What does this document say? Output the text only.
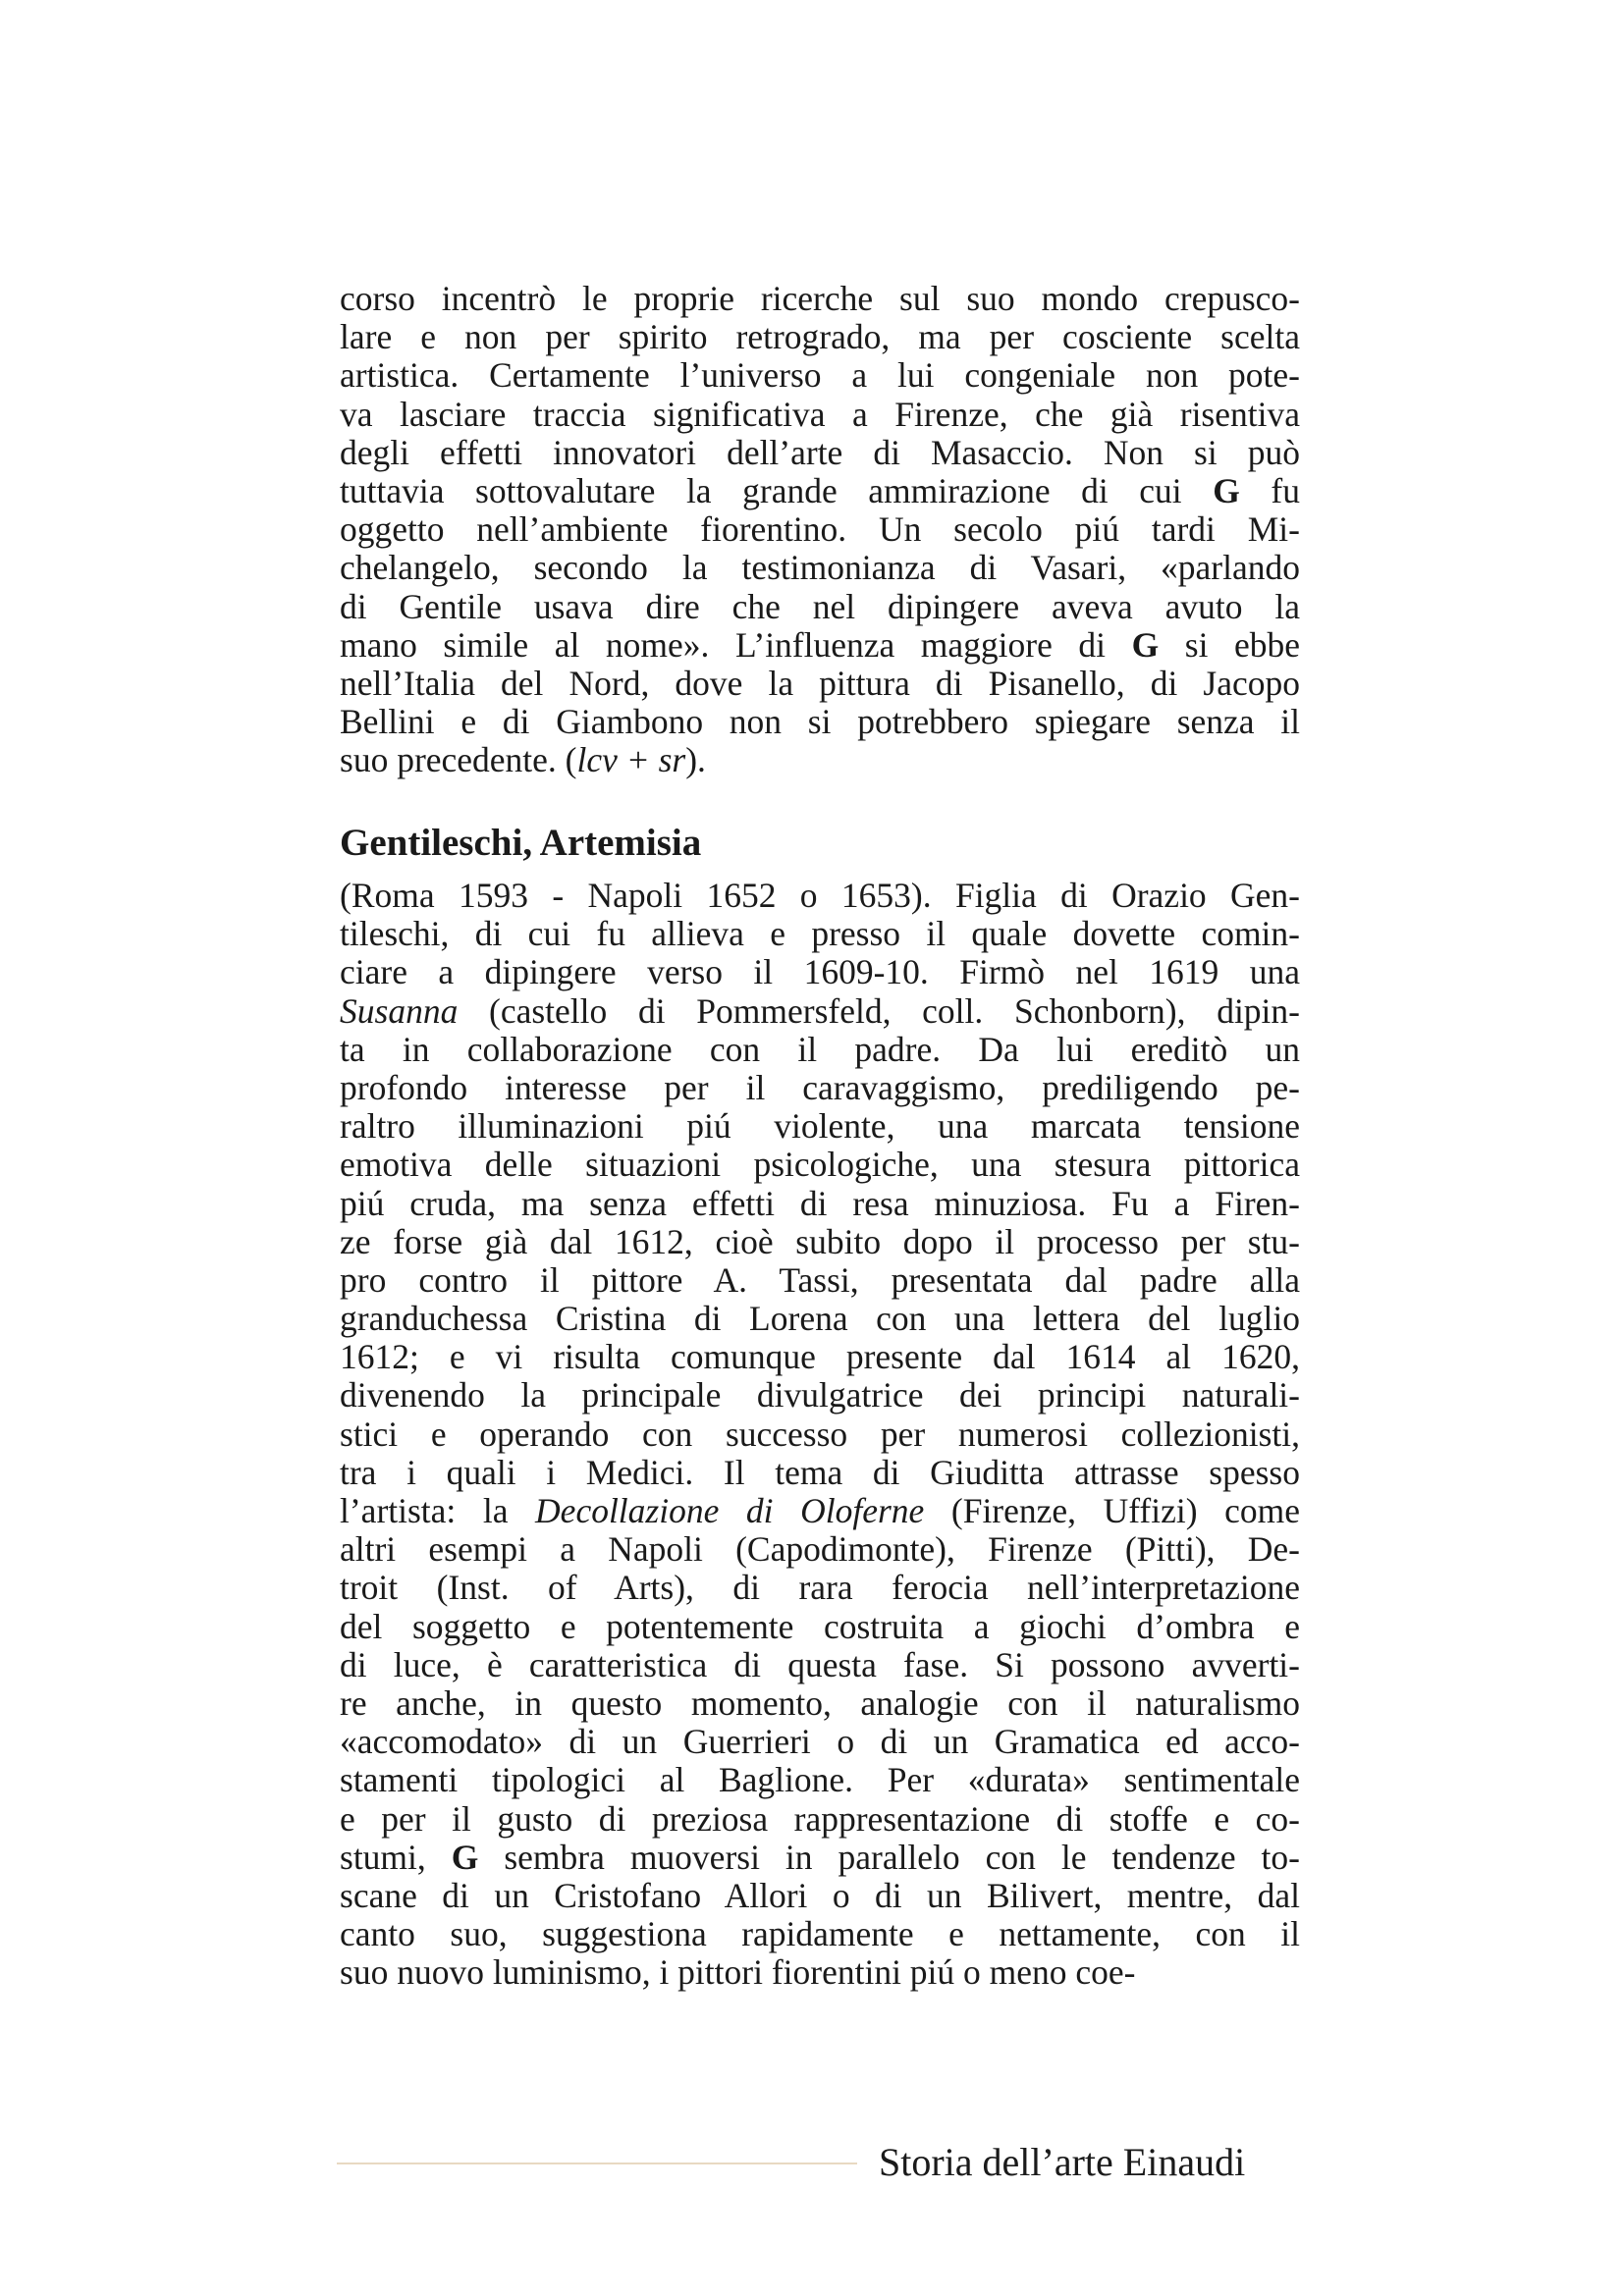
corso incentrò le proprie ricerche sul suo mondo crepusco-
lare e non per spirito retrogrado, ma per cosciente scelta
artistica. Certamente l’universo a lui congeniale non pote-
va lasciare traccia significativa a Firenze, che già risentiva
degli effetti innovatori dell’arte di Masaccio. Non si può
tuttavia sottovalutare la grande ammirazione di cui G fu
oggetto nell’ambiente fiorentino. Un secolo piú tardi Mi-
chelangelo, secondo la testimonianza di Vasari, «parlando
di Gentile usava dire che nel dipingere aveva avuto la
mano simile al nome». L’influenza maggiore di G si ebbe
nell’Italia del Nord, dove la pittura di Pisanello, di Jacopo
Bellini e di Giambono non si potrebbero spiegare senza il
suo precedente. (lcv + sr).
Gentileschi, Artemisia
(Roma 1593 - Napoli 1652 o 1653). Figlia di Orazio Gen-
tileschi, di cui fu allieva e presso il quale dovette comin-
ciare a dipingere verso il 1609-10. Firmò nel 1619 una
Susanna (castello di Pommersfeld, coll. Schonborn), dipin-
ta in collaborazione con il padre. Da lui ereditò un
profondo interesse per il caravaggismo, prediligendo pe-
raltro illuminazioni piú violente, una marcata tensione
emotiva delle situazioni psicologiche, una stesura pittorica
piú cruda, ma senza effetti di resa minuziosa. Fu a Firen-
ze forse già dal 1612, cioè subito dopo il processo per stu-
pro contro il pittore A. Tassi, presentata dal padre alla
granduchessa Cristina di Lorena con una lettera del luglio
1612; e vi risulta comunque presente dal 1614 al 1620,
divenendo la principale divulgatrice dei principi naturali-
stici e operando con successo per numerosi collezionisti,
tra i quali i Medici. Il tema di Giuditta attrasse spesso
l’artista: la Decollazione di Oloferne (Firenze, Uffizi) come
altri esempi a Napoli (Capodimonte), Firenze (Pitti), De-
troit (Inst. of Arts), di rara ferocia nell’interpretazione
del soggetto e potentemente costruita a giochi d’ombra e
di luce, è caratteristica di questa fase. Si possono avverti-
re anche, in questo momento, analogie con il naturalismo
«accomodato» di un Guerrieri o di un Gramatica ed acco-
stamenti tipologici al Baglione. Per «durata» sentimentale
e per il gusto di preziosa rappresentazione di stoffe e co-
stumi, G sembra muoversi in parallelo con le tendenze to-
scane di un Cristofano Allori o di un Bilivert, mentre, dal
canto suo, suggestiona rapidamente e nettamente, con il
suo nuovo luminismo, i pittori fiorentini piú o meno coe-
Storia dell’arte Einaudi
